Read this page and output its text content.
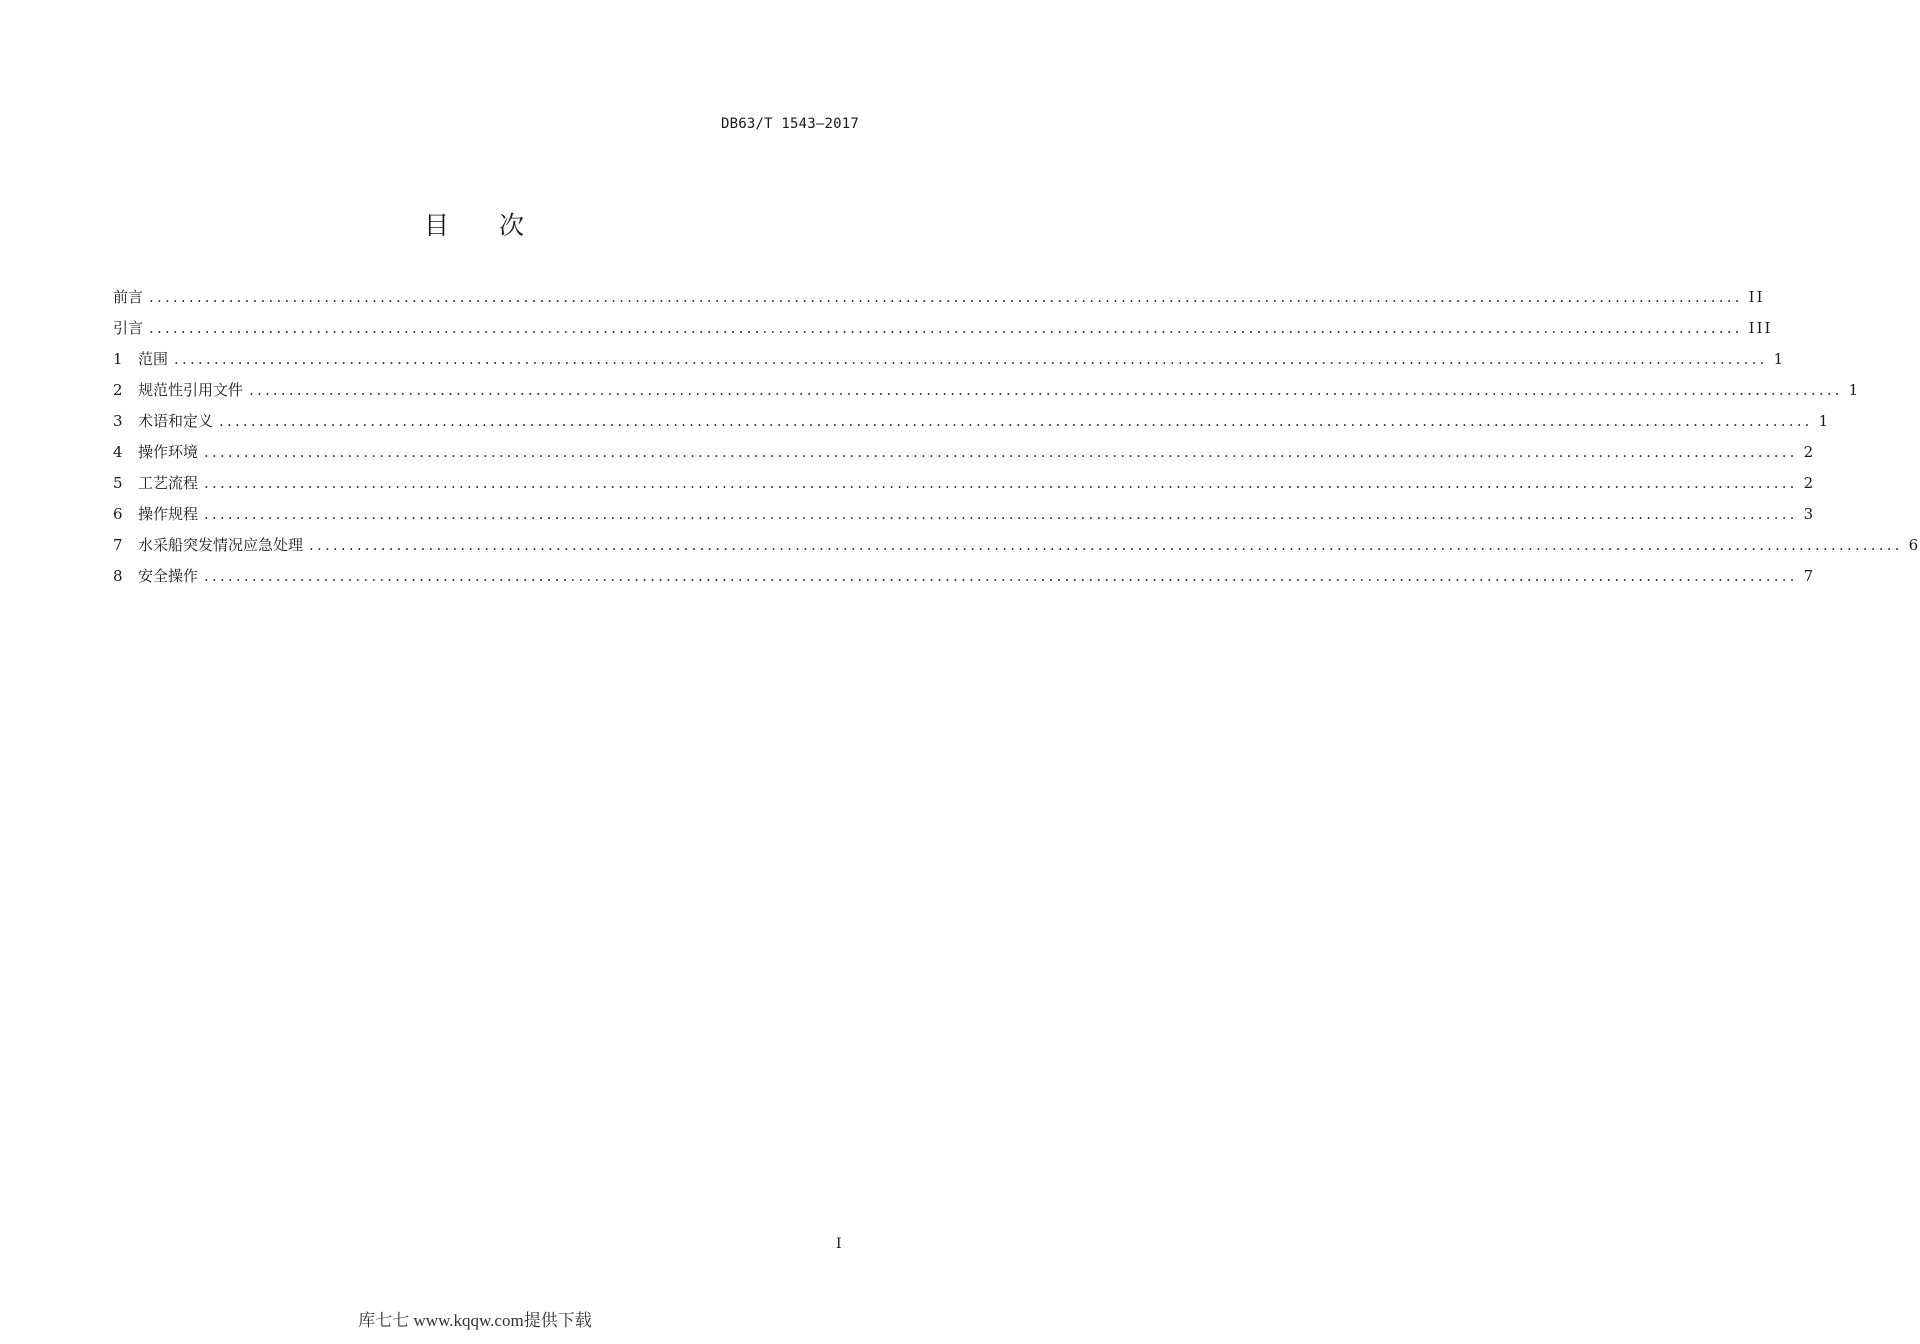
DB63/T 1543—2017
目 次
前言 ........................................................................................................................................................................................................ II
引言 ........................................................................................................................................................................................................ III
1	范围 ........................................................................................................................................................................................................ 1
2	规范性引用文件 ........................................................................................................................................................................................................ 1
3	术语和定义 ........................................................................................................................................................................................................ 1
4	操作环境 ........................................................................................................................................................................................................ 2
5	工艺流程 ........................................................................................................................................................................................................ 2
6	操作规程 ........................................................................................................................................................................................................ 3
7	水采船突发情况应急处理 ........................................................................................................................................................................................................ 6
8	安全操作 ........................................................................................................................................................................................................ 7
I
库七七 www.kqqw.com提供下载
